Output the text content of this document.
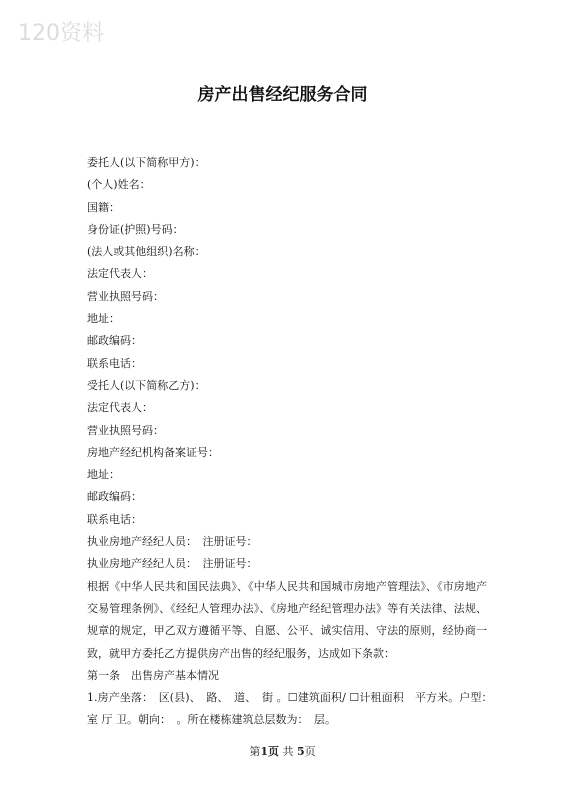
120资料
房产出售经纪服务合同
委托人(以下简称甲方)：
(个人)姓名：
国籍：
身份证(护照)号码：
(法人或其他组织)名称：
法定代表人：
营业执照号码：
地址：
邮政编码：
联系电话：
受托人(以下简称乙方)：
法定代表人：
营业执照号码：
房地产经纪机构备案证号：
地址：
邮政编码：
联系电话：
执业房地产经纪人员：　注册证号：
执业房地产经纪人员：　注册证号：
根据《中华人民共和国民法典》、《中华人民共和国城市房地产管理法》、《市房地产交易管理条例》、《经纪人管理办法》、《房地产经纪管理办法》等有关法律、法规、规章的规定，甲乙双方遵循平等、自愿、公平、诚实信用、守法的原则，经协商一致，就甲方委托乙方提供房产出售的经纪服务，达成如下条款：
第一条　出售房产基本情况
1.房产坐落：　区(县)、　路、　道、　街 。☐建筑面积/ ☐计租面积　平方米。户型：　室 厅 卫。朝向：　。所在楼栋建筑总层数为：　层。
第1页 共 5页
